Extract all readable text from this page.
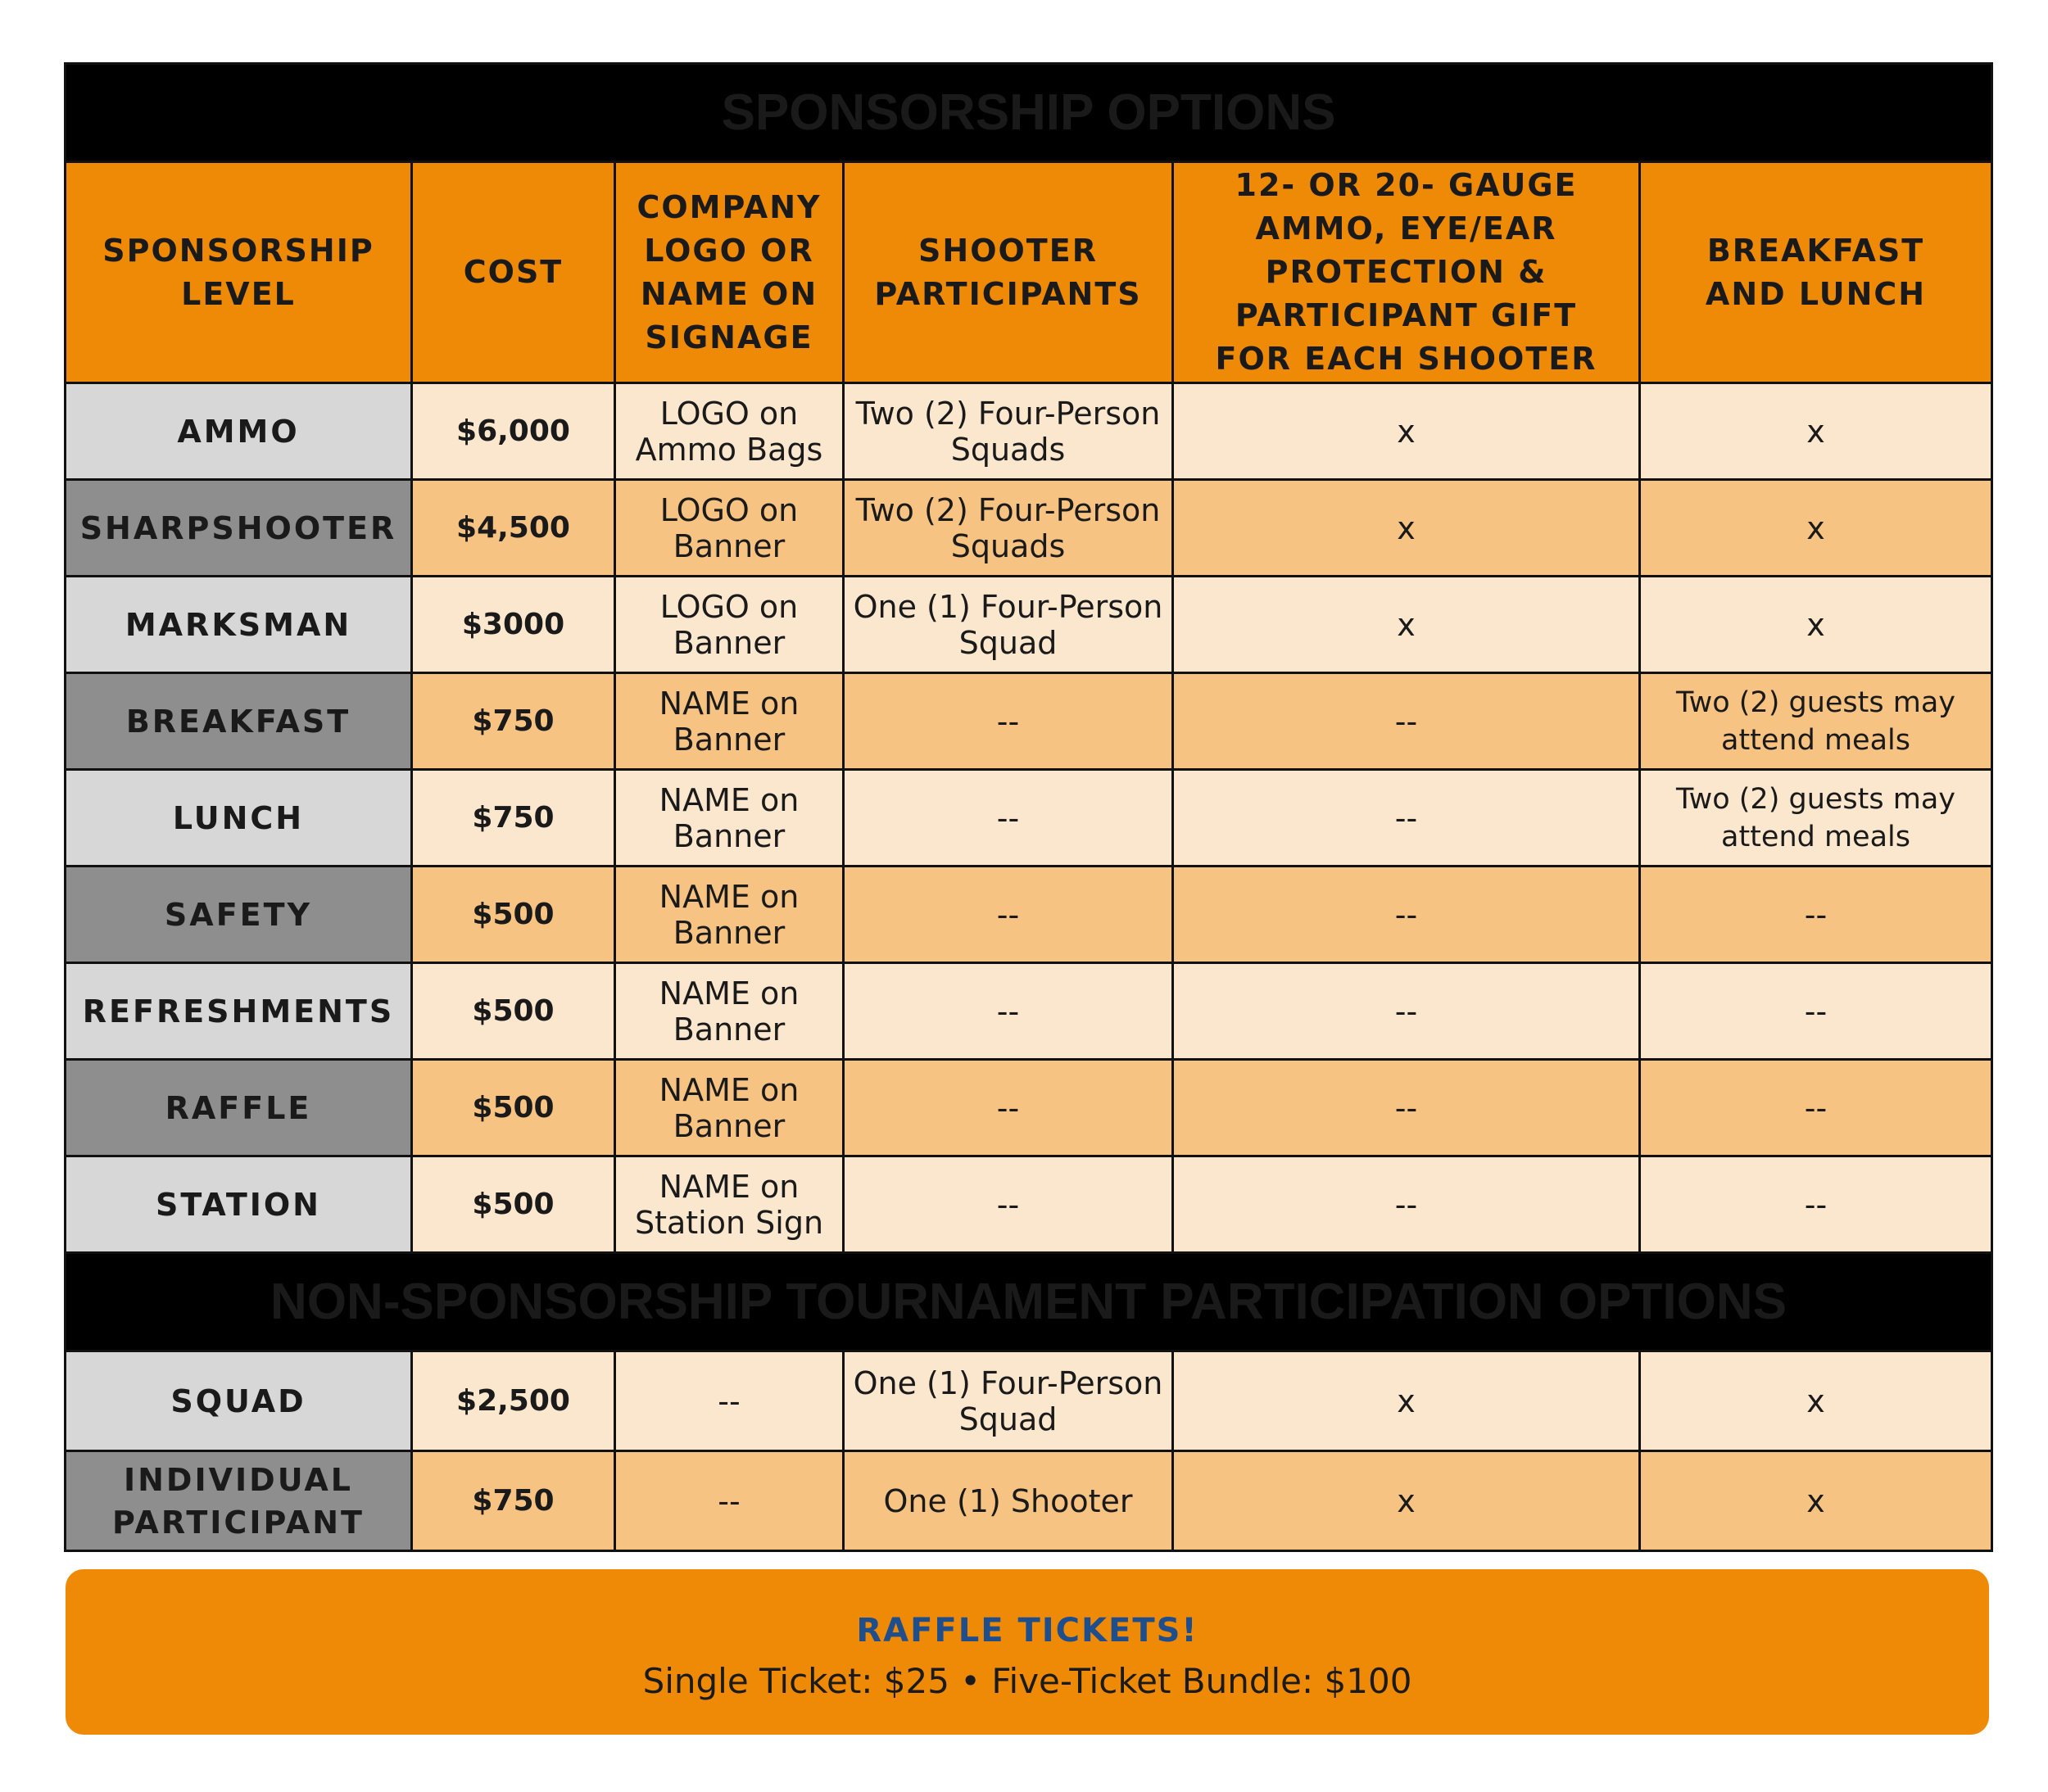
SPONSORSHIP OPTIONS					
SPONSORSHIP LEVEL	COST	COMPANY LOGO OR NAME ON SIGNAGE	SHOOTER PARTICIPANTS	12- OR 20- GAUGE AMMO, EYE/EAR PROTECTION & PARTICIPANT GIFT FOR EACH SHOOTER	BREAKFAST AND LUNCH
AMMO	$6,000	LOGO on Ammo Bags	Two (2) Four-Person Squads	x	x
SHARPSHOOTER	$4,500	LOGO on Banner	Two (2) Four-Person Squads	x	x
MARKSMAN	$3000	LOGO on Banner	One (1) Four-Person Squad	x	x
BREAKFAST	$750	NAME on Banner	--	--	Two (2) guests may attend meals
LUNCH	$750	NAME on Banner	--	--	Two (2) guests may attend meals
SAFETY	$500	NAME on Banner	--	--	--
REFRESHMENTS	$500	NAME on Banner	--	--	--
RAFFLE	$500	NAME on Banner	--	--	--
STATION	$500	NAME on Station Sign	--	--	--
NON-SPONSORSHIP TOURNAMENT PARTICIPATION OPTIONS					
SQUAD	$2,500	--	One (1) Four-Person Squad	x	x
INDIVIDUAL PARTICIPANT	$750	--	One (1) Shooter	x	x
RAFFLE TICKETS!
Single Ticket: $25 • Five-Ticket Bundle: $100
